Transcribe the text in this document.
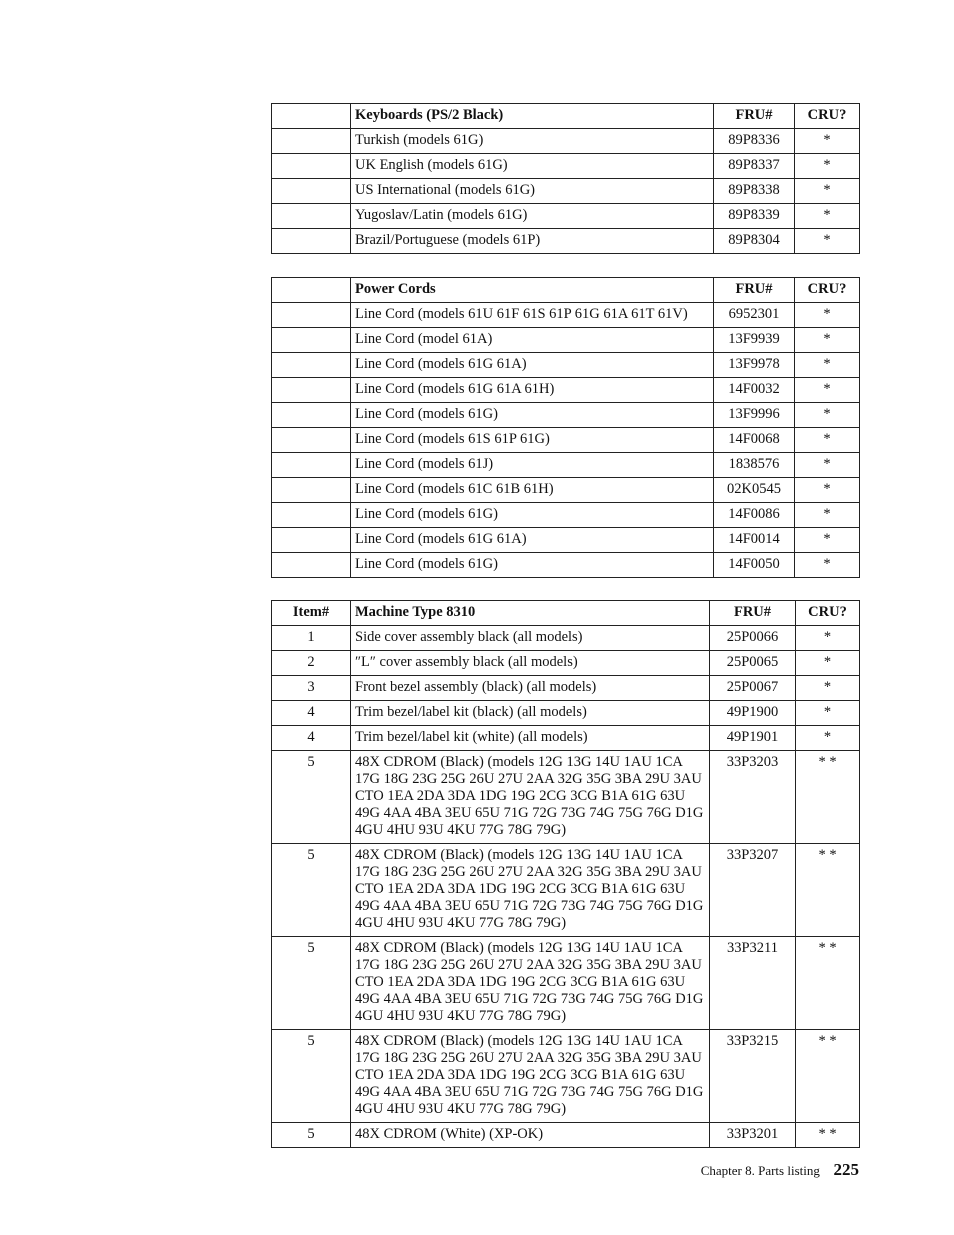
	Keyboards (PS/2 Black)	FRU#	CRU?
	Turkish (models 61G)	89P8336	*
	UK English (models 61G)	89P8337	*
	US International (models 61G)	89P8338	*
	Yugoslav/Latin (models 61G)	89P8339	*
	Brazil/Portuguese (models 61P)	89P8304	*
	Power Cords	FRU#	CRU?
	Line Cord (models 61U 61F 61S 61P 61G 61A 61T 61V)	6952301	*
	Line Cord (model 61A)	13F9939	*
	Line Cord (models 61G 61A)	13F9978	*
	Line Cord (models 61G 61A 61H)	14F0032	*
	Line Cord (models 61G)	13F9996	*
	Line Cord (models 61S 61P 61G)	14F0068	*
	Line Cord (models 61J)	1838576	*
	Line Cord (models 61C 61B 61H)	02K0545	*
	Line Cord (models 61G)	14F0086	*
	Line Cord (models 61G 61A)	14F0014	*
	Line Cord (models 61G)	14F0050	*
Item#	Machine Type 8310	FRU#	CRU?
1	Side cover assembly black (all models)	25P0066	*
2	″L″ cover assembly black (all models)	25P0065	*
3	Front bezel assembly (black) (all models)	25P0067	*
4	Trim bezel/label kit (black) (all models)	49P1900	*
4	Trim bezel/label kit (white) (all models)	49P1901	*
5	48X CDROM (Black) (models 12G 13G 14U 1AU 1CA 17G 18G 23G 25G 26U 27U 2AA 32G 35G 3BA 29U 3AU CTO 1EA 2DA 3DA 1DG 19G 2CG 3CG B1A 61G 63U 49G 4AA 4BA 3EU 65U 71G 72G 73G 74G 75G 76G D1G 4GU 4HU 93U 4KU 77G 78G 79G)	33P3203	* *
5	48X CDROM (Black) (models 12G 13G 14U 1AU 1CA 17G 18G 23G 25G 26U 27U 2AA 32G 35G 3BA 29U 3AU CTO 1EA 2DA 3DA 1DG 19G 2CG 3CG B1A 61G 63U 49G 4AA 4BA 3EU 65U 71G 72G 73G 74G 75G 76G D1G 4GU 4HU 93U 4KU 77G 78G 79G)	33P3207	* *
5	48X CDROM (Black) (models 12G 13G 14U 1AU 1CA 17G 18G 23G 25G 26U 27U 2AA 32G 35G 3BA 29U 3AU CTO 1EA 2DA 3DA 1DG 19G 2CG 3CG B1A 61G 63U 49G 4AA 4BA 3EU 65U 71G 72G 73G 74G 75G 76G D1G 4GU 4HU 93U 4KU 77G 78G 79G)	33P3211	* *
5	48X CDROM (Black) (models 12G 13G 14U 1AU 1CA 17G 18G 23G 25G 26U 27U 2AA 32G 35G 3BA 29U 3AU CTO 1EA 2DA 3DA 1DG 19G 2CG 3CG B1A 61G 63U 49G 4AA 4BA 3EU 65U 71G 72G 73G 74G 75G 76G D1G 4GU 4HU 93U 4KU 77G 78G 79G)	33P3215	* *
5	48X CDROM (White) (XP-OK)	33P3201	* *
Chapter 8. Parts listing 225
